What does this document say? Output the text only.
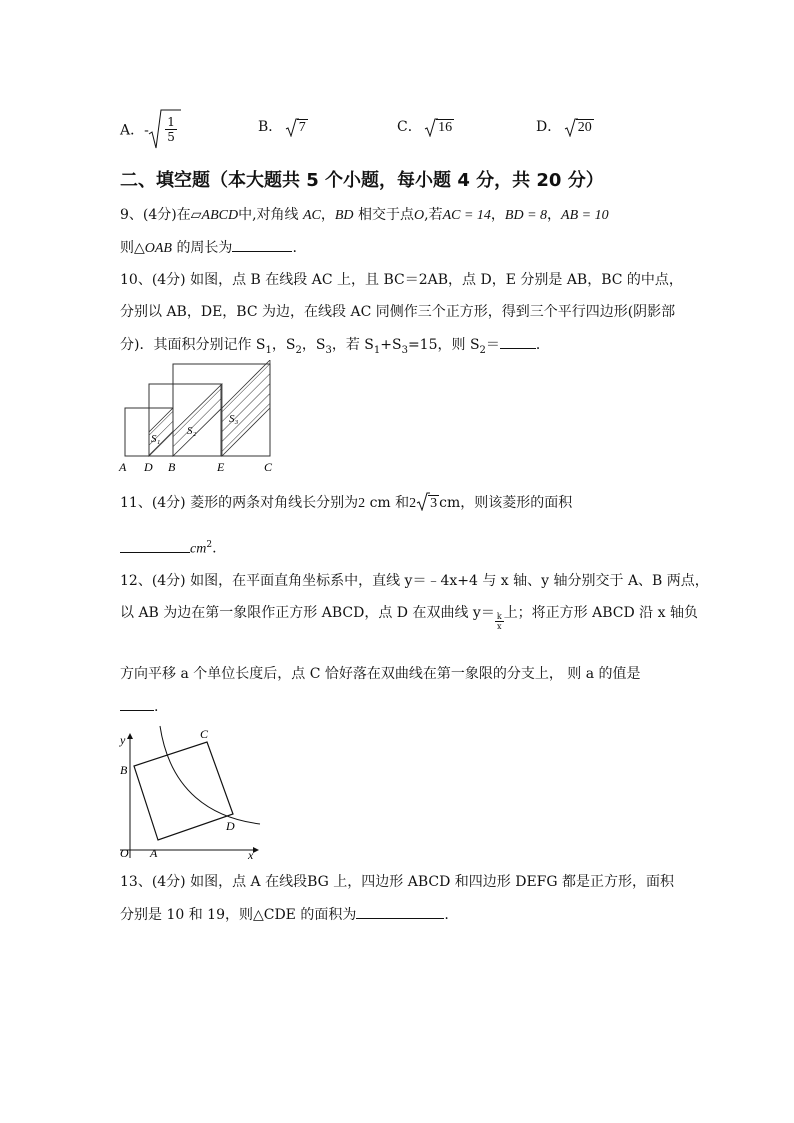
A．- $\frac{1}{5}$	B． 7	C． 16	D． 20
二、填空题（本大题共 5 个小题，每小题 4 分，共 20 分）
9、(4分)在▱ABCD中,对角线 AC，BD 相交于点O,若AC = 14，BD = 8，AB = 10
则△OAB 的周长为	.
10、(4分) 如图，点 B 在线段 AC 上，且 BC＝2AB，点 D，E 分别是 AB，BC 的中点，
分别以 AB，DE，BC 为边，在线段 AC 同侧作三个正方形，得到三个平行四边形(阴影部
分)．其面积分别记作 $S_1$，$S_2$，$S_3$，若 $S_1+S_3=15$，则 $S_2=$	．
S₁
S₂
S₃
A D B	E	C
11、(4分) 菱形的两条对角线长分别为2 cm 和2 3 cm，则该菱形的面积
$cm^2$.
12、(4分) 如图，在平面直角坐标系中，直线 y＝﹣4x+4 与 x 轴、y 轴分别交于 A、B 两点，
以 AB 为边在第一象限作正方形 ABCD，点 D 在双曲线 $y= \frac{k}{x}$ 上；将正方形 ABCD 沿 x 轴负
方向平移 a 个单位长度后，点 C 恰好落在双曲线在第一象限的分支上， 则 a 的值是
.
y
x
O A
B
C
D
13、(4分) 如图，点 A 在线段BG 上，四边形 ABCD 和四边形 DEFG 都是正方形，面积
分别是 10 和 19，则△CDE 的面积为	.
